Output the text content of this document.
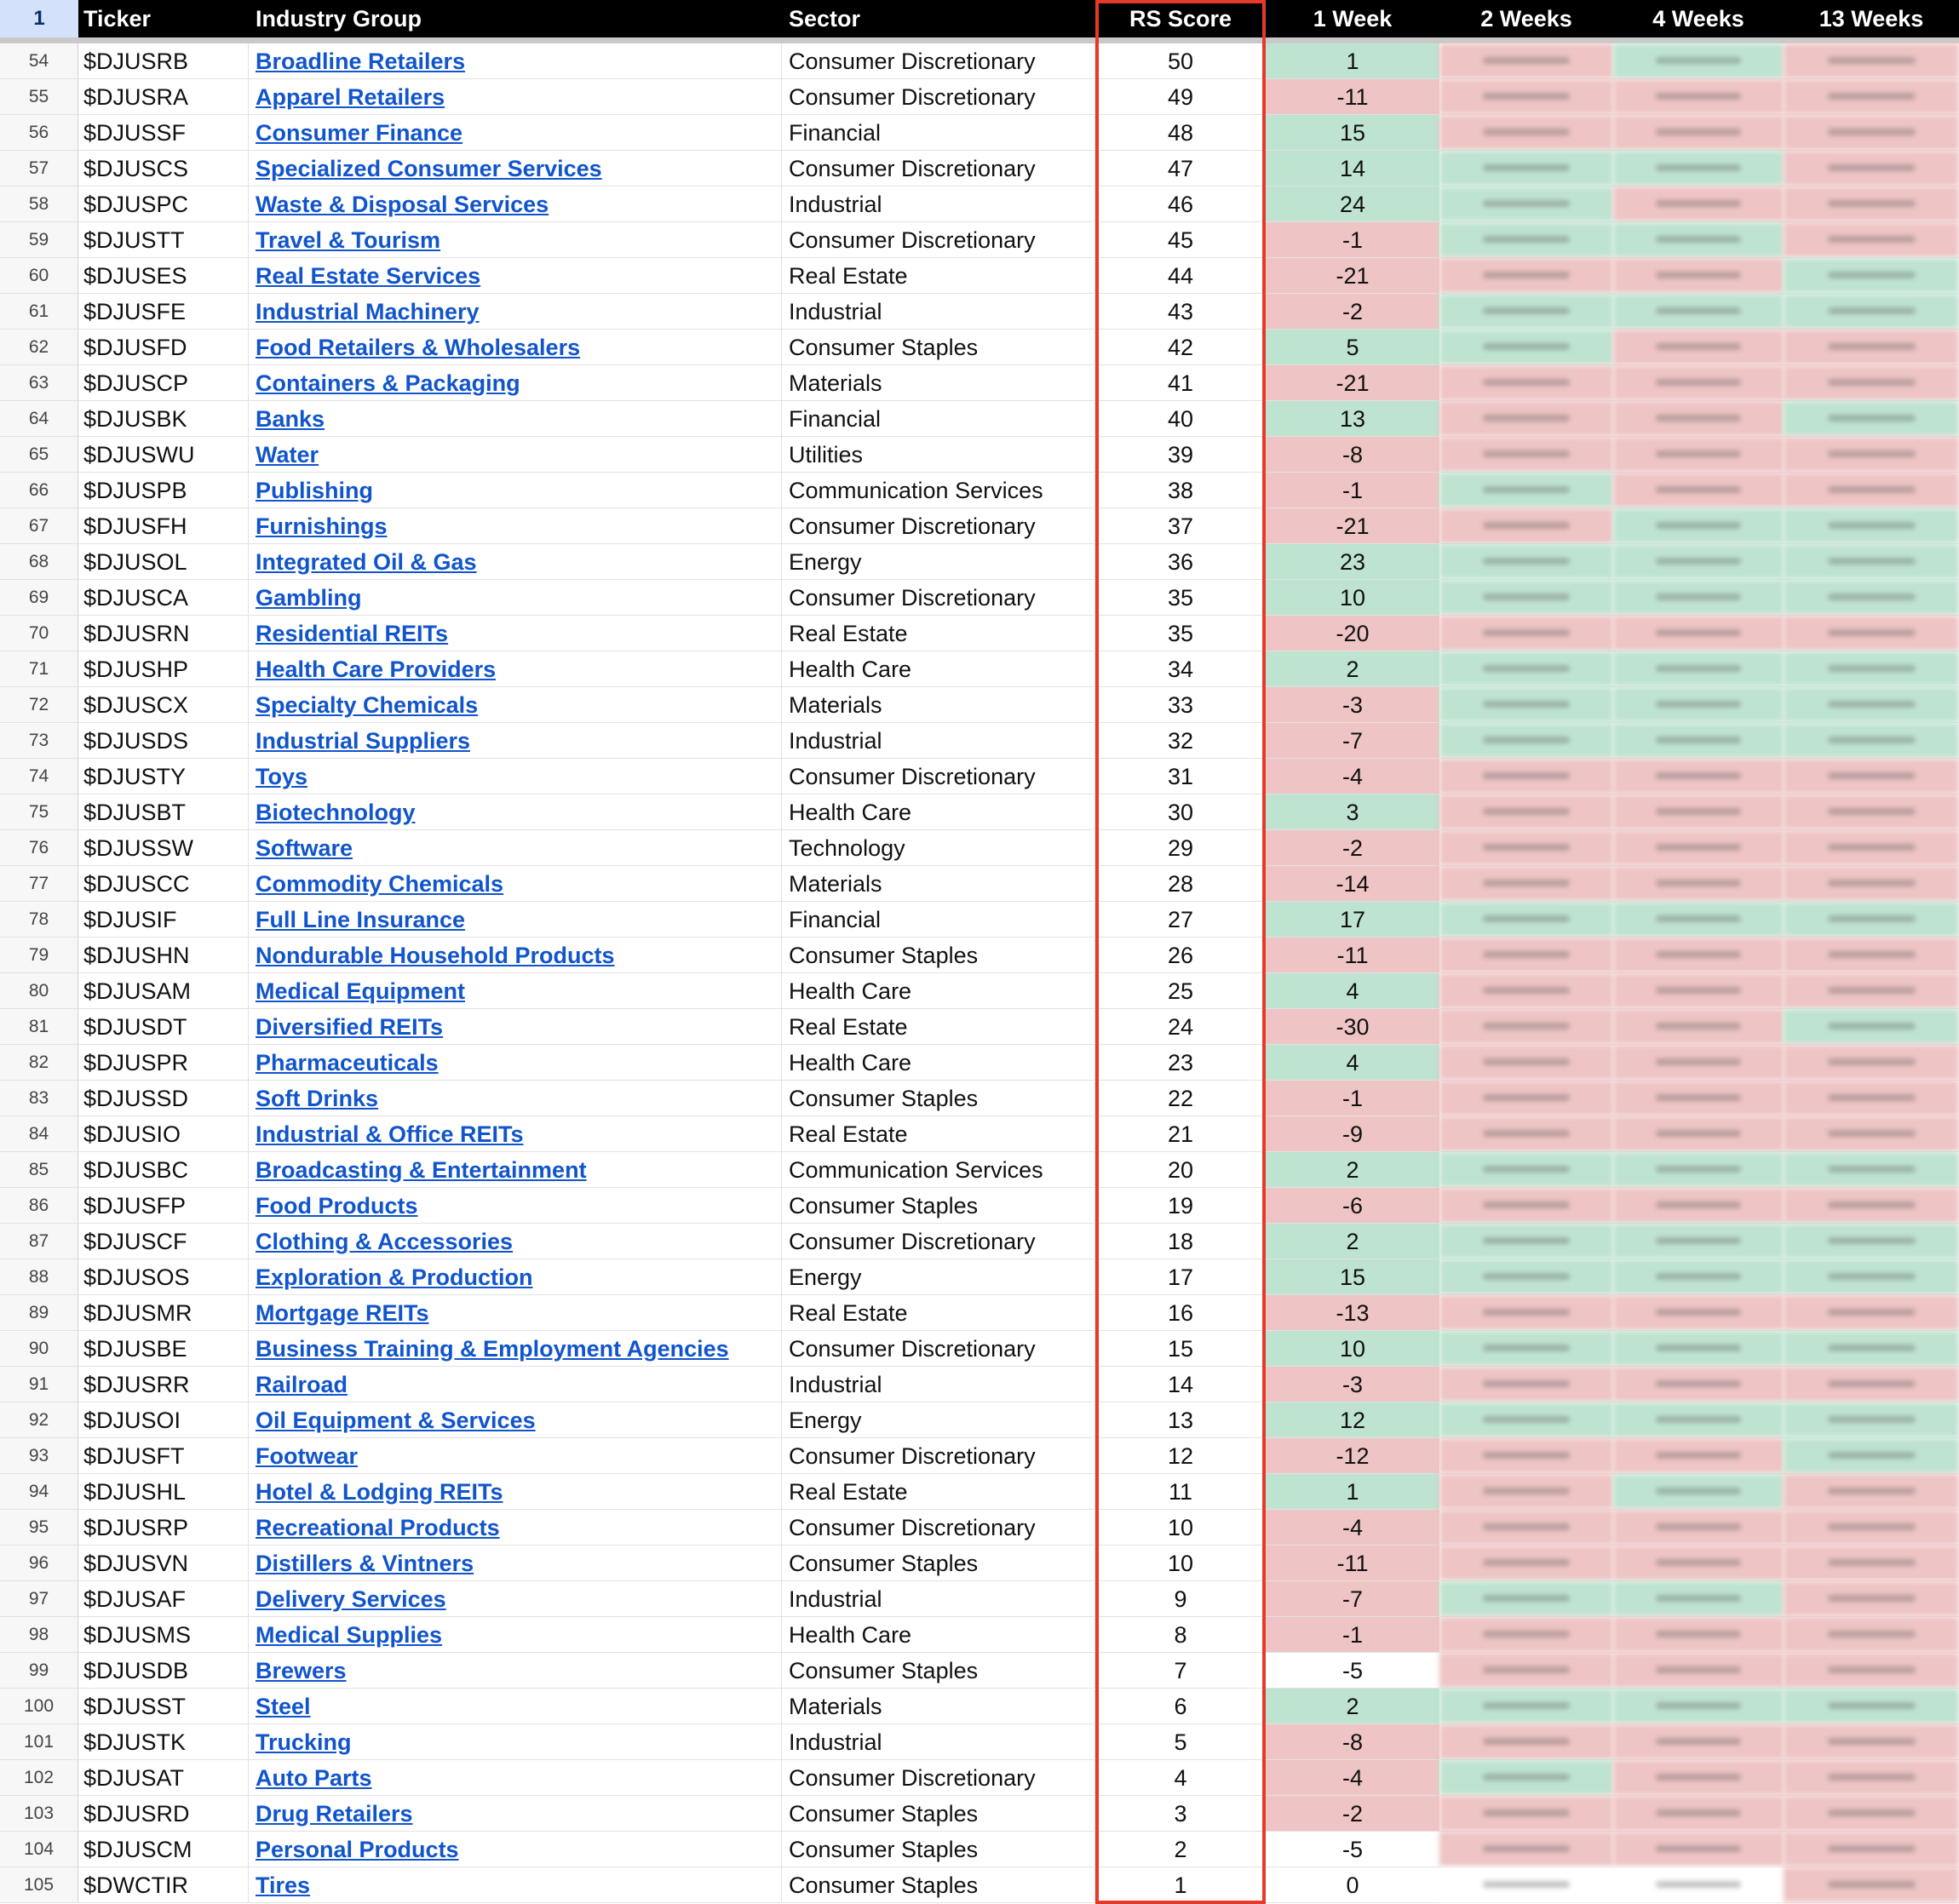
1	Ticker	Industry Group	Sector	RS Score	1 Week	2 Weeks	4 Weeks	13 Weeks
54	$DJUSRB	Broadline Retailers	Consumer Discretionary	50	1
55	$DJUSRA	Apparel Retailers	Consumer Discretionary	49	-11
56	$DJUSSF	Consumer Finance	Financial	48	15
57	$DJUSCS	Specialized Consumer Services	Consumer Discretionary	47	14
58	$DJUSPC	Waste & Disposal Services	Industrial	46	24
59	$DJUSTT	Travel & Tourism	Consumer Discretionary	45	-1
60	$DJUSES	Real Estate Services	Real Estate	44	-21
61	$DJUSFE	Industrial Machinery	Industrial	43	-2
62	$DJUSFD	Food Retailers & Wholesalers	Consumer Staples	42	5
63	$DJUSCP	Containers & Packaging	Materials	41	-21
64	$DJUSBK	Banks	Financial	40	13
65	$DJUSWU	Water	Utilities	39	-8
66	$DJUSPB	Publishing	Communication Services	38	-1
67	$DJUSFH	Furnishings	Consumer Discretionary	37	-21
68	$DJUSOL	Integrated Oil & Gas	Energy	36	23
69	$DJUSCA	Gambling	Consumer Discretionary	35	10
70	$DJUSRN	Residential REITs	Real Estate	35	-20
71	$DJUSHP	Health Care Providers	Health Care	34	2
72	$DJUSCX	Specialty Chemicals	Materials	33	-3
73	$DJUSDS	Industrial Suppliers	Industrial	32	-7
74	$DJUSTY	Toys	Consumer Discretionary	31	-4
75	$DJUSBT	Biotechnology	Health Care	30	3
76	$DJUSSW	Software	Technology	29	-2
77	$DJUSCC	Commodity Chemicals	Materials	28	-14
78	$DJUSIF	Full Line Insurance	Financial	27	17
79	$DJUSHN	Nondurable Household Products	Consumer Staples	26	-11
80	$DJUSAM	Medical Equipment	Health Care	25	4
81	$DJUSDT	Diversified REITs	Real Estate	24	-30
82	$DJUSPR	Pharmaceuticals	Health Care	23	4
83	$DJUSSD	Soft Drinks	Consumer Staples	22	-1
84	$DJUSIO	Industrial & Office REITs	Real Estate	21	-9
85	$DJUSBC	Broadcasting & Entertainment	Communication Services	20	2
86	$DJUSFP	Food Products	Consumer Staples	19	-6
87	$DJUSCF	Clothing & Accessories	Consumer Discretionary	18	2
88	$DJUSOS	Exploration & Production	Energy	17	15
89	$DJUSMR	Mortgage REITs	Real Estate	16	-13
90	$DJUSBE	Business Training & Employment Agencies	Consumer Discretionary	15	10
91	$DJUSRR	Railroad	Industrial	14	-3
92	$DJUSOI	Oil Equipment & Services	Energy	13	12
93	$DJUSFT	Footwear	Consumer Discretionary	12	-12
94	$DJUSHL	Hotel & Lodging REITs	Real Estate	11	1
95	$DJUSRP	Recreational Products	Consumer Discretionary	10	-4
96	$DJUSVN	Distillers & Vintners	Consumer Staples	10	-11
97	$DJUSAF	Delivery Services	Industrial	9	-7
98	$DJUSMS	Medical Supplies	Health Care	8	-1
99	$DJUSDB	Brewers	Consumer Staples	7	-5
100	$DJUSST	Steel	Materials	6	2
101	$DJUSTK	Trucking	Industrial	5	-8
102	$DJUSAT	Auto Parts	Consumer Discretionary	4	-4
103	$DJUSRD	Drug Retailers	Consumer Staples	3	-2
104	$DJUSCM	Personal Products	Consumer Staples	2	-5
105	$DWCTIR	Tires	Consumer Staples	1	0
